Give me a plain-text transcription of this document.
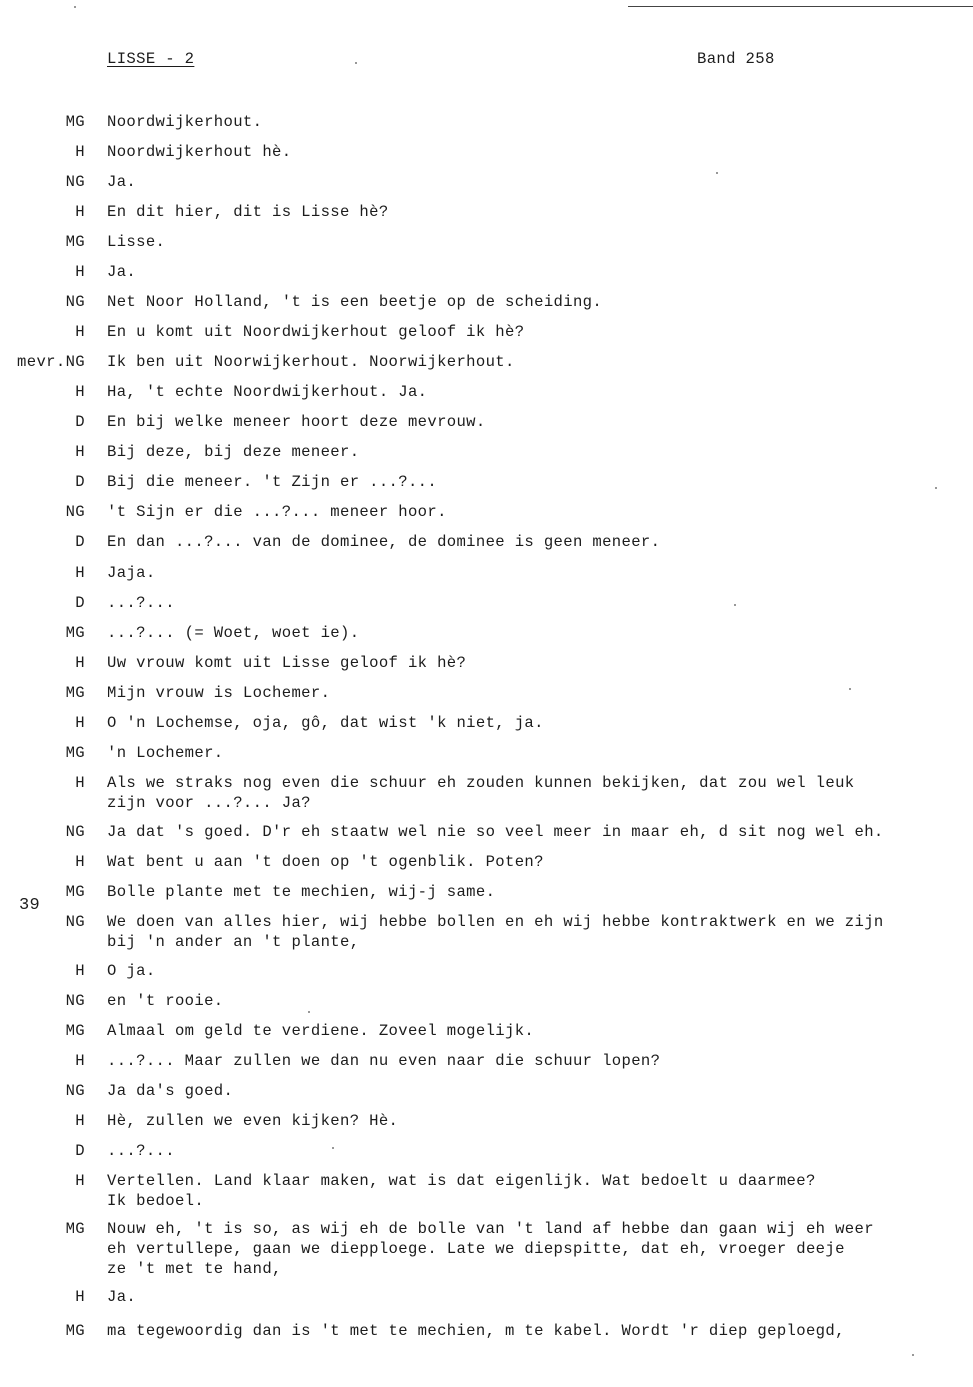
LISSE - 2	Band 258
39
MG Noordwijkerhout.
H Noordwijkerhout hè.
NG Ja.
H En dit hier, dit is Lisse hè?
MG Lisse.
H Ja.
NG Net Noor Holland, 't is een beetje op de scheiding.
H En u komt uit Noordwijkerhout geloof ik hè?
mevr.NG Ik ben uit Noorwijkerhout. Noorwijkerhout.
H Ha, 't echte Noordwijkerhout. Ja.
D En bij welke meneer hoort deze mevrouw.
H Bij deze, bij deze meneer.
D Bij die meneer. 't Zijn er ...?...
NG 't Sijn er die ...?... meneer hoor.
D En dan ...?... van de dominee, de dominee is geen meneer.
H Jaja.
D ...?...
MG ...?... (= Woet, woet ie).
H Uw vrouw komt uit Lisse geloof ik hè?
MG Mijn vrouw is Lochemer.
H O 'n Lochemse, oja, gô, dat wist 'k niet, ja.
MG 'n Lochemer.
H Als we straks nog even die schuur eh zouden kunnen bekijken, dat zou wel leuk
zijn voor ...?... Ja?
NG Ja dat 's goed. D'r eh staatw wel nie so veel meer in maar eh, d sit nog wel eh.
H Wat bent u aan 't doen op 't ogenblik. Poten?
MG Bolle plante met te mechien, wij-j same.
NG We doen van alles hier, wij hebbe bollen en eh wij hebbe kontraktwerk en we zijn
bij 'n ander an 't plante,
H O ja.
NG en 't rooie.
MG Almaal om geld te verdiene. Zoveel mogelijk.
H ...?... Maar zullen we dan nu even naar die schuur lopen?
NG Ja da's goed.
H Hè, zullen we even kijken? Hè.
D ...?...
H Vertellen. Land klaar maken, wat is dat eigenlijk. Wat bedoelt u daarmee?
Ik bedoel.
MG Nouw eh, 't is so, as wij eh de bolle van 't land af hebbe dan gaan wij eh weer
eh vertullepe, gaan we diepploege. Late we diepspitte, dat eh, vroeger deeje
ze 't met te hand,
H Ja.
MG ma tegewoordig dan is 't met te mechien, m te kabel. Wordt 'r diep geploegd,
